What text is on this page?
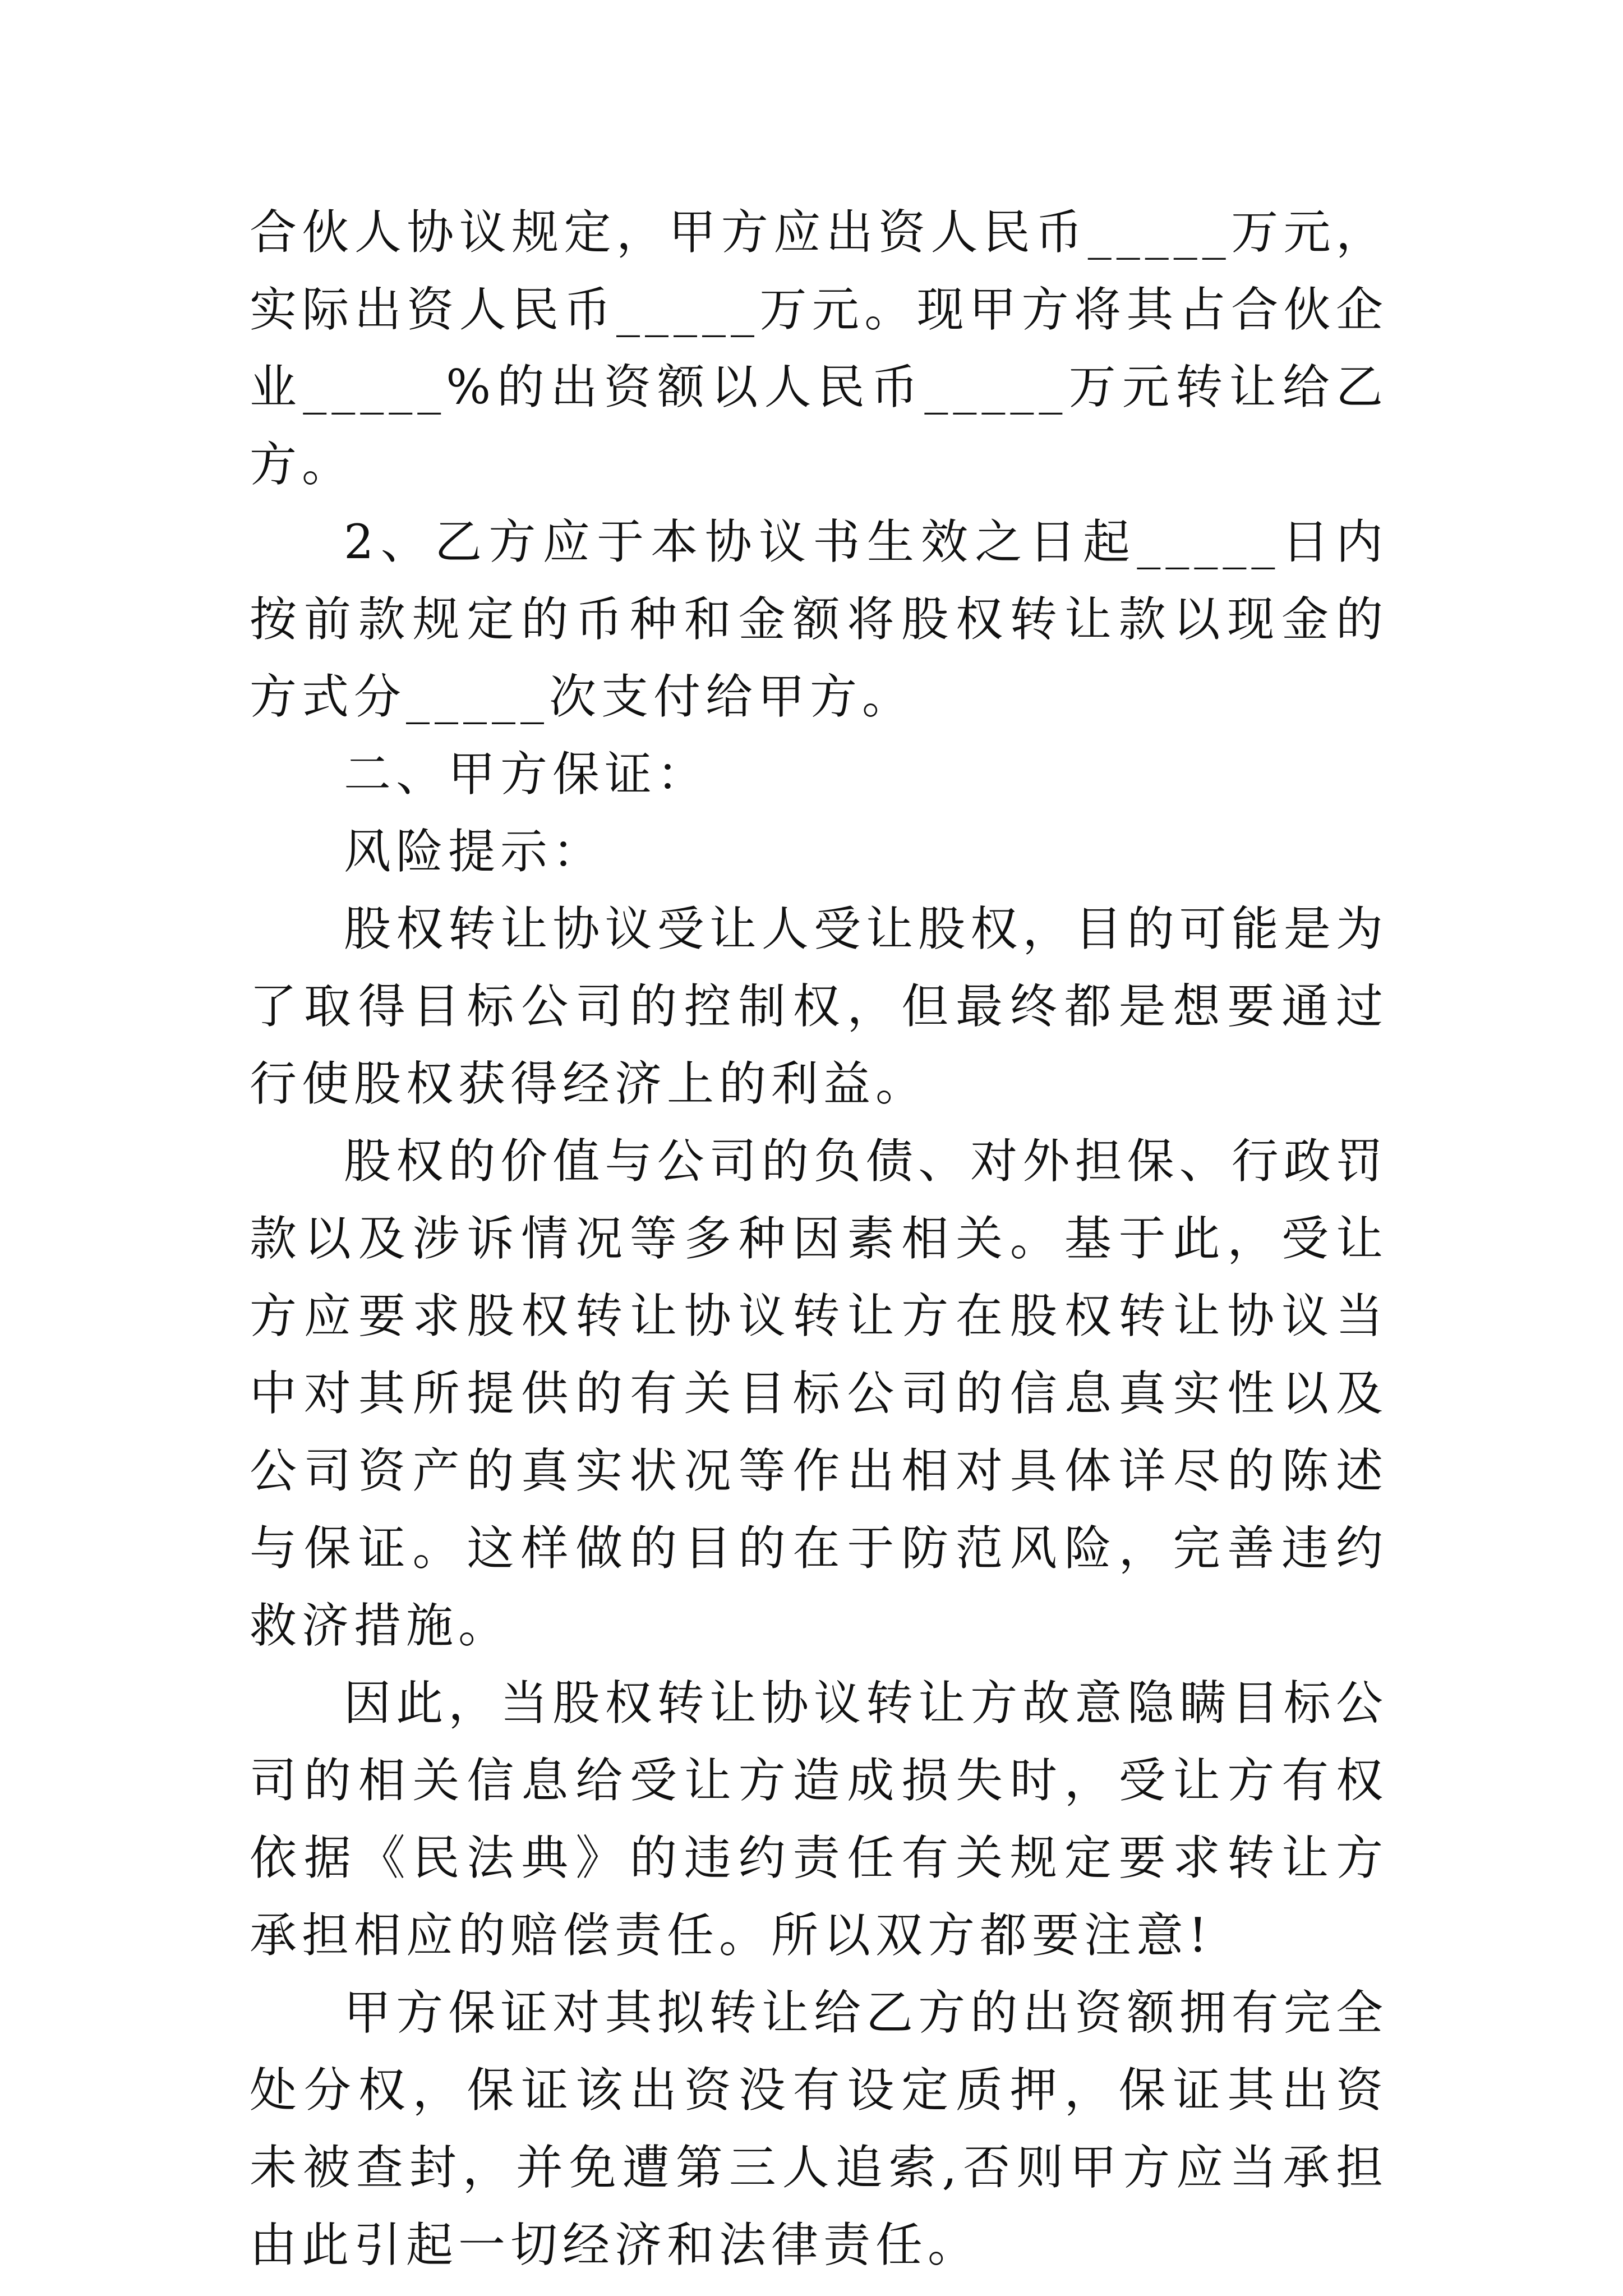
合伙人协议规定，甲方应出资人民币_____万元，实际出资人民币_____万元。现甲方将其占合伙企业_____%的出资额以人民币_____万元转让给乙方。

2、乙方应于本协议书生效之日起_____日内按前款规定的币种和金额将股权转让款以现金的方式分_____次支付给甲方。

二、甲方保证：

风险提示：

股权转让协议受让人受让股权，目的可能是为了取得目标公司的控制权，但最终都是想要通过行使股权获得经济上的利益。

股权的价值与公司的负债、对外担保、行政罚款以及涉诉情况等多种因素相关。基于此，受让方应要求股权转让协议转让方在股权转让协议当中对其所提供的有关目标公司的信息真实性以及公司资产的真实状况等作出相对具体详尽的陈述与保证。这样做的目的在于防范风险，完善违约救济措施。

因此，当股权转让协议转让方故意隐瞒目标公司的相关信息给受让方造成损失时，受让方有权依据《民法典》的违约责任有关规定要求转让方承担相应的赔偿责任。所以双方都要注意!

甲方保证对其拟转让给乙方的出资额拥有完全处分权，保证该出资没有设定质押，保证其出资未被查封，并免遭第三人追索,否则甲方应当承担由此引起一切经济和法律责任。
